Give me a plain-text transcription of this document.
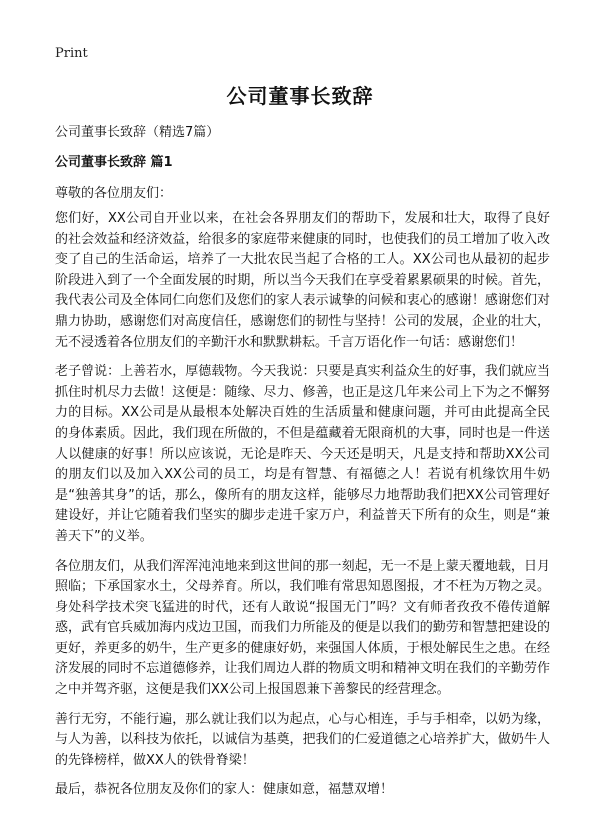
Print
公司董事长致辞

公司董事长致辞（精选7篇）

公司董事长致辞 篇1

尊敬的各位朋友们：

您们好，XX公司自开业以来，在社会各界朋友们的帮助下，发展和壮大，取得了良好的社会效益和经济效益，给很多的家庭带来健康的同时，也使我们的员工增加了收入改变了自己的生活命运，培养了一大批农民当起了合格的工人。XX公司也从最初的起步阶段进入到了一个全面发展的时期，所以当今天我们在享受着累累硕果的时候。首先，我代表公司及全体同仁向您们及您们的家人表示诚挚的问候和衷心的感谢！感谢您们对鼎力协助，感谢您们对高度信任，感谢您们的韧性与坚持！公司的发展，企业的壮大，无不浸透着各位朋友们的辛勤汗水和默默耕耘。千言万语化作一句话：感谢您们！

老子曾说：上善若水，厚德载物。今天我说：只要是真实利益众生的好事，我们就应当抓住时机尽力去做！这便是：随缘、尽力、修善，也正是这几年来公司上下为之不懈努力的目标。XX公司是从最根本处解决百姓的生活质量和健康问题，并可由此提高全民的身体素质。因此，我们现在所做的，不但是蕴藏着无限商机的大事，同时也是一件送人以健康的好事！所以应该说，无论是昨天、今天还是明天，凡是支持和帮助XX公司的朋友们以及加入XX公司的员工，均是有智慧、有福德之人！若说有机缘饮用牛奶是“独善其身”的话，那么，像所有的朋友这样，能够尽力地帮助我们把XX公司管理好建设好，并让它随着我们坚实的脚步走进千家万户，利益普天下所有的众生，则是“兼善天下”的义举。

各位朋友们，从我们浑浑沌沌地来到这世间的那一刻起，无一不是上蒙天覆地载，日月照临；下承国家水土，父母养育。所以，我们唯有常思知恩图报，才不枉为万物之灵。身处科学技术突飞猛进的时代，还有人敢说“报国无门”吗？文有师者孜孜不倦传道解惑，武有官兵威加海内戍边卫国，而我们力所能及的便是以我们的勤劳和智慧把建设的更好，养更多的奶牛，生产更多的健康好奶，来强国人体质，于根处解民生之患。在经济发展的同时不忘道德修养，让我们周边人群的物质文明和精神文明在我们的辛勤劳作之中并驾齐驱，这便是我们XX公司上报国恩兼下善黎民的经营理念。

善行无穷，不能行遍，那么就让我们以为起点，心与心相连，手与手相牵，以奶为缘，与人为善，以科技为依托，以诚信为基奠，把我们的仁爱道德之心培养扩大，做奶牛人的先锋榜样，做XX人的铁骨脊梁！

最后，恭祝各位朋友及你们的家人：健康如意，福慧双增！
